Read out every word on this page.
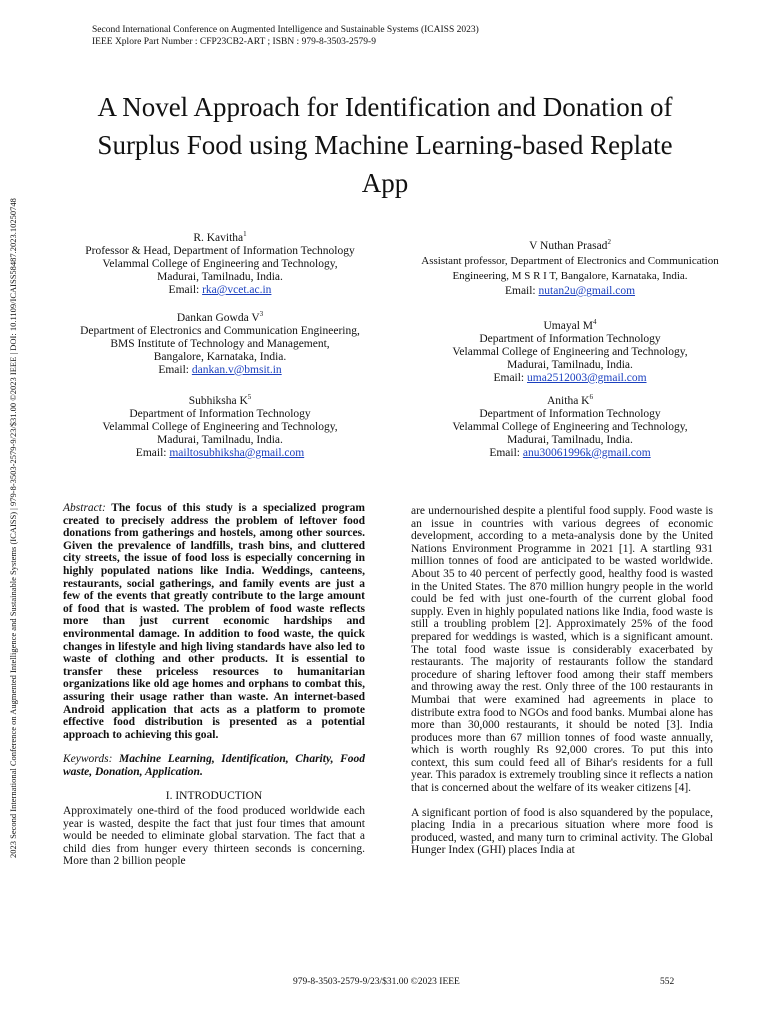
Second International Conference on Augmented Intelligence and Sustainable Systems (ICAISS 2023)
IEEE Xplore Part Number : CFP23CB2-ART ; ISBN : 979-8-3503-2579-9
2023 Second International Conference on Augmented Intelligence and Sustainable Systems (ICAISS) | 979-8-3503-2579-9/23/$31.00 ©2023 IEEE | DOI: 10.1109/ICAISS58487.2023.10250748
A Novel Approach for Identification and Donation of Surplus Food using Machine Learning-based Replate App
R. Kavitha$^1$
Professor & Head, Department of Information Technology
Velammal College of Engineering and Technology,
Madurai, Tamilnadu, India.
Email: rka@vcet.ac.in
V Nuthan Prasad$^2$
Assistant professor, Department of Electronics and Communication
Engineering, M S R I T, Bangalore, Karnataka, India.
Email: nutan2u@gmail.com
Dankan Gowda $V^3$
Department of Electronics and Communication Engineering,
BMS Institute of Technology and Management,
Bangalore, Karnataka, India.
Email: dankan.v@bmsit.in
Umayal $M^4$
Department of Information Technology
Velammal College of Engineering and Technology,
Madurai, Tamilnadu, India.
Email: uma2512003@gmail.com
Subhiksha $K^5$
Department of Information Technology
Velammal College of Engineering and Technology,
Madurai, Tamilnadu, India.
Email: mailtosubhiksha@gmail.com
Anitha $K^6$
Department of Information Technology
Velammal College of Engineering and Technology,
Madurai, Tamilnadu, India.
Email: anu30061996k@gmail.com

Abstract: The focus of this study is a specialized program created to precisely address the problem of leftover food donations from gatherings and hostels, among other sources. Given the prevalence of landfills, trash bins, and cluttered city streets, the issue of food loss is especially concerning in highly populated nations like India. Weddings, canteens, restaurants, social gatherings, and family events are just a few of the events that greatly contribute to the large amount of food that is wasted. The problem of food waste reflects more than just current economic hardships and environmental damage. In addition to food waste, the quick changes in lifestyle and high living standards have also led to waste of clothing and other products. It is essential to transfer these priceless resources to humanitarian organizations like old age homes and orphans to combat this, assuring their usage rather than waste. An internet-based Android application that acts as a platform to promote effective food distribution is presented as a potential approach to achieving this goal.

Keywords: Machine Learning, Identification, Charity, Food waste, Donation, Application.

I. INTRODUCTION

Approximately one-third of the food produced worldwide each year is wasted, despite the fact that just four times that amount would be needed to eliminate global starvation. The fact that a child dies from hunger every thirteen seconds is concerning. More than 2 billion people

are undernourished despite a plentiful food supply. Food waste is an issue in countries with various degrees of economic development, according to a meta-analysis done by the United Nations Environment Programme in 2021 [1]. A startling 931 million tonnes of food are anticipated to be wasted worldwide. About 35 to 40 percent of perfectly good, healthy food is wasted in the United States. The 870 million hungry people in the world could be fed with just one-fourth of the current global food supply. Even in highly populated nations like India, food waste is still a troubling problem [2]. Approximately 25% of the food prepared for weddings is wasted, which is a significant amount. The total food waste issue is considerably exacerbated by restaurants. The majority of restaurants follow the standard procedure of sharing leftover food among their staff members and throwing away the rest. Only three of the 100 restaurants in Mumbai that were examined had agreements in place to distribute extra food to NGOs and food banks. Mumbai alone has more than 30,000 restaurants, it should be noted [3]. India produces more than 67 million tonnes of food waste annually, which is worth roughly Rs 92,000 crores. To put this into context, this sum could feed all of Bihar's residents for a full year. This paradox is extremely troubling since it reflects a nation that is concerned about the welfare of its weaker citizens [4].

A significant portion of food is also squandered by the populace, placing India in a precarious situation where more food is produced, wasted, and many turn to criminal activity. The Global Hunger Index (GHI) places India at

979-8-3503-2579-9/23/$31.00 ©2023 IEEE	552
